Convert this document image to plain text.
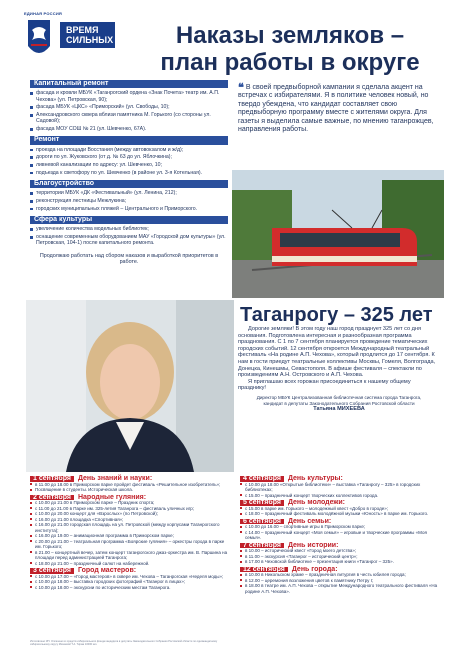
ЕДИНАЯ РОССИЯ
ВРЕМЯ
СИЛЬНЫХ	Наказы земляков –
план работы в округе
Капитальный ремонт
фасада и кровли МБУК «Таганрогский ордена «Знак Почета» театр им. А.П. Чехова» (ул. Петровская, 90);
фасада МБУК «ЦКС» «Приморский» (ул. Свободы, 10);
Александровского сквера вблизи памятника М. Горького (со стороны ул. Садовой);
фасада МОУ СОШ № 21 (ул. Шевченко, 67А).
Ремонт
проезда на площади Восстания (между автовокзалом и ж/д);
дороги по ул. Жуковского (от д. № 63 до ул. Яблочкина);
ливневой канализации по адресу: ул. Шевченко, 10;
подъезда к светофору по ул. Шевченко (в районе ул. 3-я Котельная).
Благоустройство
территории МБУК «ДК «Фестивальный» (ул. Ленина, 212);
реконструкция лестницы Межлукина;
городских муниципальных пляжей – Центрального и Приморского.
Сфера культуры
увеличение количества модельных библиотек;
оснащение современным оборудованием МАУ «Городской дом культуры» (ул. Петровская, 104-1) после капитального ремонта.
Продолжаю работать над сбором наказов и выработкой приоритетов в работе.
❝ В своей предвыборной кампании я сделала акцент на встречах с избирателями. Я в политике человек новый, но твердо убеждена, что кандидат составляет свою предвыборную программу вместе с жителями округа. Для газеты я выделила самые важные, по мнению таганрожцев, направления работы.
Таганрогу – 325 лет
Дорогие земляки! В этом году наш город празднует 325 лет со дня основания. Подготовлена интересная и разнообразная программа празднования. С 1 по 7 сентября планируется проведение тематических городских событий. 12 сентября откроется Международный театральный фестиваль «На родине А.П. Чехова», который продлится до 17 сентября. К нам в гости приедут театральные коллективы Москвы, Гомеля, Волгограда, Донецка, Кинешмы, Севастополя. В афише фестиваля – спектакли по произведениям А.Н. Островского и А.П. Чехова.
Я приглашаю всех горожан присоединиться к нашему общему празднику!
Директор МБУК Централизованная библиотечная система города Таганрога,
кандидат в депутаты Законодательного Собрания Ростовской области
Татьяна МИХЕЕВА
1 сентября	День знаний и науки:
в 11.00 до 18.00 в Приморском парке пройдет фестиваль «Решительное изобретатель»;
Посвящение в студенты. Историческая школа.
2 сентября	Народные гуляния:
с 10.00 до 21.00 в Приморском парке – Праздник спорта;
с 11.00 до 21.00 в Парке им. 325-летия Таганрога – фестиваль уличных игр;
с 10.00 до 20.00 концерт для «Взрослых» (по Петровской);
с 16.00 до 21.00 площадка «Спортивная»;
с 16.00 до 21.00 городская площадь на ул. Петровской (между корпусами Таганрогского института);
с 16.00 до 19.00 – анимационная программа в Приморском парке;
с 20.00 до 21.00 – театральная программа «Боярские гуляния» – оркестры города в парке им. Горького;
в 21.00 – концертный вечер, затем концерт таганрогского джаз-оркестра им. В. Паршина на площади перед администрацией Таганрога;
с 18.00 до 21.00 – праздничный салют на набережной.
3 сентября	Город мастеров:
с 10.00 до 17.00 – «Город мастеров» в сквере им. Чехова – Таганрогская «Неделя моды»;
с 10.00 до 18.00 – выставка городских фотографий «Таганрог в лицах»;
с 10.00 до 18.00 – экскурсии по историческим местам Таганрога.
4 сентября	День культуры:
с 10.00 до 18.00 «Открытые библиотеки» – выставка «Таганрогу – 325» в городских библиотеках;
с 15.00 – праздничный концерт творческих коллективов города.
5 сентября	День молодежи:
с 15.00 в парке им. Горького – молодежный квест «Добро в городе»;
с 18.00 – праздничный фестиваль молодёжной музыки «Юность» в парке им. Горького.
6 сентября	День семьи:
с 10.00 до 16.00 – спортивные игры в Приморском парке;
с 14.00 – праздничный концерт «Моя семья» – игровые и творческие программы «Моя семья».
7 сентября	День истории:
в 10.00 – исторический квест «Город моего детства»;
в 11.00 – экскурсия «Таганрог – исторический центр»;
в 17.00 в Чеховской библиотеке – презентация книги «Таганрог – 325».
12 сентября	День города:
в 10.00 в Никольском храме – праздничная литургия в честь юбилея города;
в 12.00 – церемония возложения цветов к памятнику Петру I;
в 18.00 в театре им. А.П. Чехова – открытие Международного театрального фестиваля «На родине А.П. Чехова».
Изготовлено ИП. Оплачено из средств избирательного фонда кандидата в депутаты Законодательного Собрания Ростовской области по одномандатному избирательному округу Михеевой Т.А. Тираж 10000 экз.
